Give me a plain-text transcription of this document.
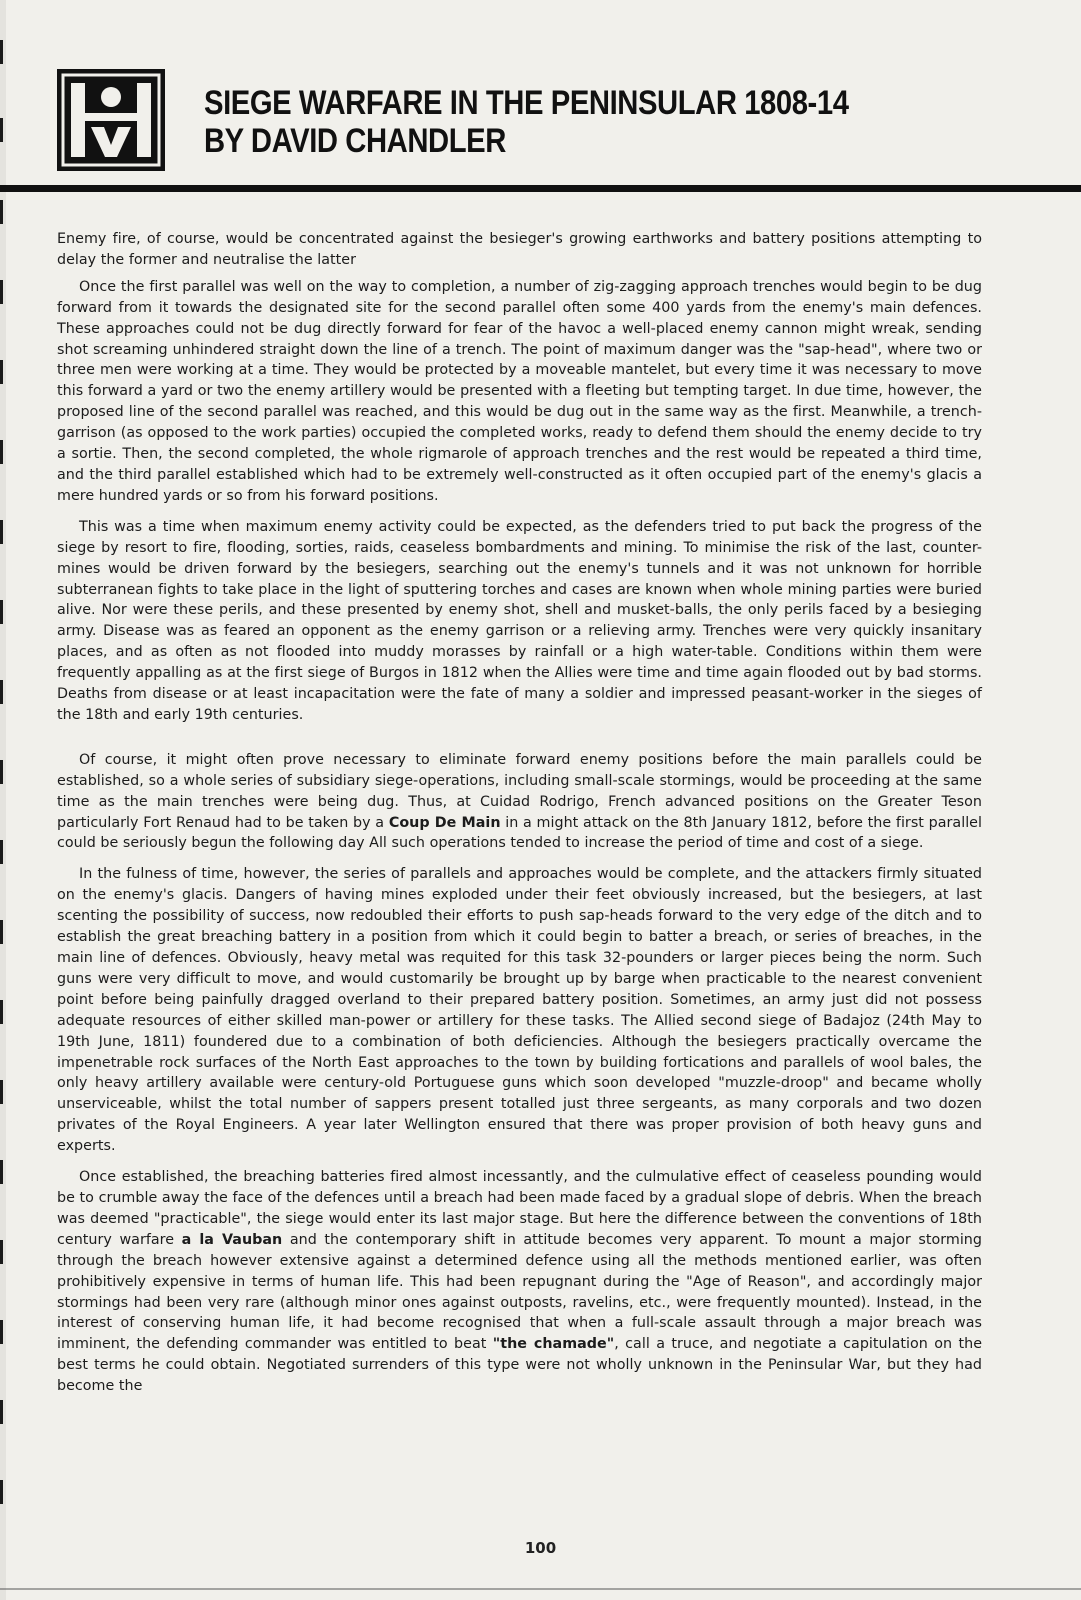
SIEGE WARFARE IN THE PENINSULAR 1808-14
BY DAVID CHANDLER

Enemy fire, of course, would be concentrated against the besieger's growing earthworks and battery positions attempting to delay the former and neutralise the latter

Once the first parallel was well on the way to completion, a number of zig-zagging approach trenches would begin to be dug forward from it towards the designated site for the second parallel often some 400 yards from the enemy's main defences. These approaches could not be dug directly forward for fear of the havoc a well-placed enemy cannon might wreak, sending shot screaming unhindered straight down the line of a trench. The point of maximum danger was the "sap-head", where two or three men were working at a time. They would be protected by a moveable mantelet, but every time it was necessary to move this forward a yard or two the enemy artillery would be presented with a fleeting but tempting target. In due time, however, the proposed line of the second parallel was reached, and this would be dug out in the same way as the first. Meanwhile, a trench-garrison (as opposed to the work parties) occupied the completed works, ready to defend them should the enemy decide to try a sortie. Then, the second completed, the whole rigmarole of approach trenches and the rest would be repeated a third time, and the third parallel established which had to be extremely well-constructed as it often occupied part of the enemy's glacis a mere hundred yards or so from his forward positions.

This was a time when maximum enemy activity could be expected, as the defenders tried to put back the progress of the siege by resort to fire, flooding, sorties, raids, ceaseless bombardments and mining. To minimise the risk of the last, counter-mines would be driven forward by the besiegers, searching out the enemy's tunnels and it was not unknown for horrible subterranean fights to take place in the light of sputtering torches and cases are known when whole mining parties were buried alive. Nor were these perils, and these presented by enemy shot, shell and musket-balls, the only perils faced by a besieging army. Disease was as feared an opponent as the enemy garrison or a relieving army. Trenches were very quickly insanitary places, and as often as not flooded into muddy morasses by rainfall or a high water-table. Conditions within them were frequently appalling as at the first siege of Burgos in 1812 when the Allies were time and time again flooded out by bad storms. Deaths from disease or at least incapacitation were the fate of many a soldier and impressed peasant-worker in the sieges of the 18th and early 19th centuries.

Of course, it might often prove necessary to eliminate forward enemy positions before the main parallels could be established, so a whole series of subsidiary siege-operations, including small-scale stormings, would be proceeding at the same time as the main trenches were being dug. Thus, at Cuidad Rodrigo, French advanced positions on the Greater Teson particularly Fort Renaud had to be taken by a Coup De Main in a might attack on the 8th January 1812, before the first parallel could be seriously begun the following day All such operations tended to increase the period of time and cost of a siege.

In the fulness of time, however, the series of parallels and approaches would be complete, and the attackers firmly situated on the enemy's glacis. Dangers of having mines exploded under their feet obviously increased, but the besiegers, at last scenting the possibility of success, now redoubled their efforts to push sap-heads forward to the very edge of the ditch and to establish the great breaching battery in a position from which it could begin to batter a breach, or series of breaches, in the main line of defences. Obviously, heavy metal was requited for this task 32-pounders or larger pieces being the norm. Such guns were very difficult to move, and would customarily be brought up by barge when practicable to the nearest convenient point before being painfully dragged overland to their prepared battery position. Sometimes, an army just did not possess adequate resources of either skilled man-power or artillery for these tasks. The Allied second siege of Badajoz (24th May to 19th June, 1811) foundered due to a combination of both deficiencies. Although the besiegers practically overcame the impenetrable rock surfaces of the North East approaches to the town by building fortications and parallels of wool bales, the only heavy artillery available were century-old Portuguese guns which soon developed "muzzle-droop" and became wholly unserviceable, whilst the total number of sappers present totalled just three sergeants, as many corporals and two dozen privates of the Royal Engineers. A year later Wellington ensured that there was proper provision of both heavy guns and experts.

Once established, the breaching batteries fired almost incessantly, and the culmulative effect of ceaseless pounding would be to crumble away the face of the defences until a breach had been made faced by a gradual slope of debris. When the breach was deemed "practicable", the siege would enter its last major stage. But here the difference between the conventions of 18th century warfare a la Vauban and the contemporary shift in attitude becomes very apparent. To mount a major storming through the breach however extensive against a determined defence using all the methods mentioned earlier, was often prohibitively expensive in terms of human life. This had been repugnant during the "Age of Reason", and accordingly major stormings had been very rare (although minor ones against outposts, ravelins, etc., were frequently mounted). Instead, in the interest of conserving human life, it had become recognised that when a full-scale assault through a major breach was imminent, the defending commander was entitled to beat "the chamade", call a truce, and negotiate a capitulation on the best terms he could obtain. Negotiated surrenders of this type were not wholly unknown in the Peninsular War, but they had become the

100
